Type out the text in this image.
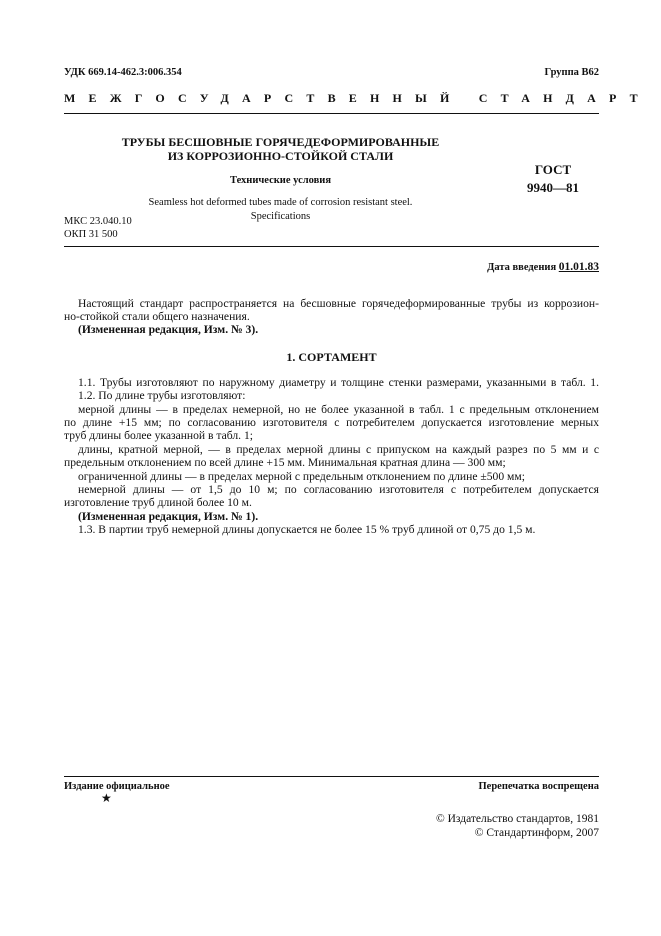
УДК 669.14-462.3:006.354	Группа В62
МЕЖГОСУДАРСТВЕННЫЙ СТАНДАРТ
ТРУБЫ БЕСШОВНЫЕ ГОРЯЧЕДЕФОРМИРОВАННЫЕ
ИЗ КОРРОЗИОННО-СТОЙКОЙ СТАЛИ
Технические условия
Seamless hot deformed tubes made of corrosion resistant steel.
Specifications
ГОСТ
9940—81
МКС 23.040.10
ОКП 31 500
Дата введения 01.01.83
Настоящий стандарт распространяется на бесшовные горячедеформированные трубы из коррозион-
но-стойкой стали общего назначения.
(Измененная редакция, Изм. № 3).
1. СОРТАМЕНТ
1.1. Трубы изготовляют по наружному диаметру и толщине стенки размерами, указанными в табл. 1.
1.2. По длине трубы изготовляют:
мерной длины — в пределах немерной, но не более указанной в табл. 1 с предельным отклонением
по длине +15 мм; по согласованию изготовителя с потребителем допускается изготовление мерных
труб длины более указанной в табл. 1;
длины, кратной мерной, — в пределах мерной длины с припуском на каждый разрез по 5 мм и с
предельным отклонением по всей длине +15 мм. Минимальная кратная длина — 300 мм;
ограниченной длины — в пределах мерной с предельным отклонением по длине ±500 мм;
немерной длины — от 1,5 до 10 м; по согласованию изготовителя с потребителем допускается
изготовление труб длиной более 10 м.
(Измененная редакция, Изм. № 1).
1.3. В партии труб немерной длины допускается не более 15 % труб длиной от 0,75 до 1,5 м.
Издание официальное
★
Перепечатка воспрещена
© Издательство стандартов, 1981
© Стандартинформ, 2007
